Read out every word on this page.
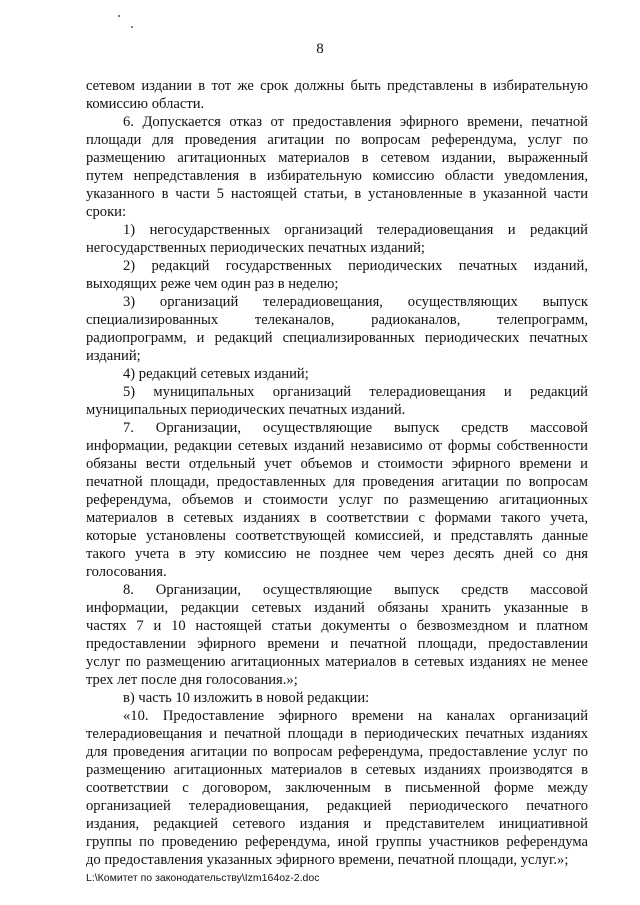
8
сетевом издании в тот же срок должны быть представлены в избирательную
комиссию области.
6. Допускается отказ от предоставления эфирного времени, печатной
площади для проведения агитации по вопросам референдума, услуг по
размещению агитационных материалов в сетевом издании, выраженный
путем непредставления в избирательную комиссию области уведомления,
указанного в части 5 настоящей статьи, в установленные в указанной части
сроки:
1) негосударственных организаций телерадиовещания и редакций
негосударственных периодических печатных изданий;
2) редакций государственных периодических печатных изданий,
выходящих реже чем один раз в неделю;
3) организаций телерадиовещания, осуществляющих выпуск
специализированных телеканалов, радиоканалов, телепрограмм,
радиопрограмм, и редакций специализированных периодических печатных
изданий;
4) редакций сетевых изданий;
5) муниципальных организаций телерадиовещания и редакций
муниципальных периодических печатных изданий.
7. Организации, осуществляющие выпуск средств массовой
информации, редакции сетевых изданий независимо от формы собственности
обязаны вести отдельный учет объемов и стоимости эфирного времени и
печатной площади, предоставленных для проведения агитации по вопросам
референдума, объемов и стоимости услуг по размещению агитационных
материалов в сетевых изданиях в соответствии с формами такого учета,
которые установлены соответствующей комиссией, и представлять данные
такого учета в эту комиссию не позднее чем через десять дней со дня
голосования.
8. Организации, осуществляющие выпуск средств массовой
информации, редакции сетевых изданий обязаны хранить указанные в
частях 7 и 10 настоящей статьи документы о безвозмездном и платном
предоставлении эфирного времени и печатной площади, предоставлении
услуг по размещению агитационных материалов в сетевых изданиях не менее
трех лет после дня голосования.»;
в) часть 10 изложить в новой редакции:
«10. Предоставление эфирного времени на каналах организаций
телерадиовещания и печатной площади в периодических печатных изданиях
для проведения агитации по вопросам референдума, предоставление услуг по
размещению агитационных материалов в сетевых изданиях производятся в
соответствии с договором, заключенным в письменной форме между
организацией телерадиовещания, редакцией периодического печатного
издания, редакцией сетевого издания и представителем инициативной
группы по проведению референдума, иной группы участников референдума
до предоставления указанных эфирного времени, печатной площади, услуг.»;
L:\Комитет по законодательству\Izm164oz-2.doc
